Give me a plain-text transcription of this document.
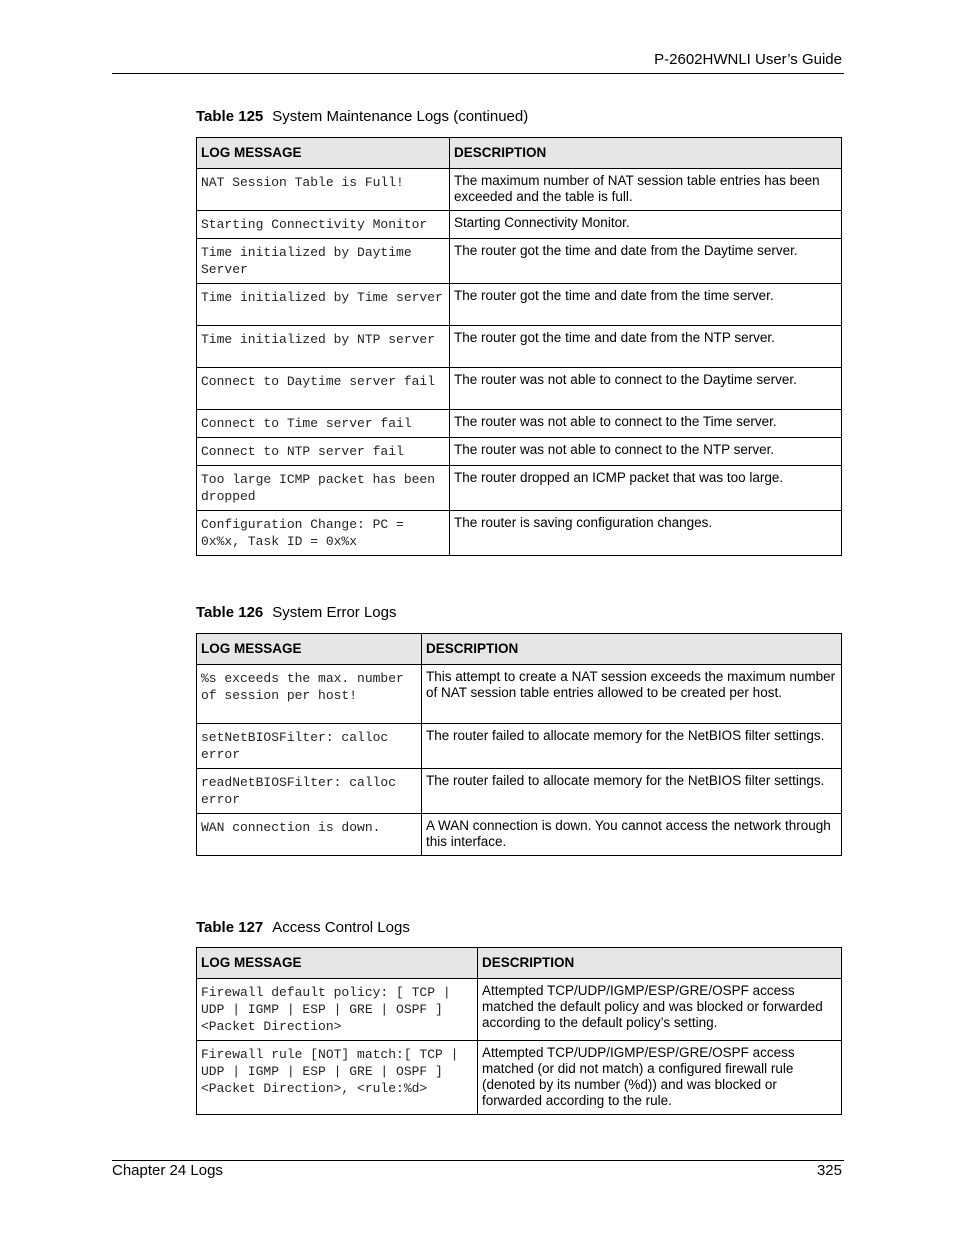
P-2602HWNLI User’s Guide
Table 125 System Maintenance Logs (continued)
LOG MESSAGE	DESCRIPTION
NAT Session Table is Full!	The maximum number of NAT session table entries has been exceeded and the table is full.
Starting Connectivity Monitor	Starting Connectivity Monitor.
Time initialized by Daytime Server	The router got the time and date from the Daytime server.
Time initialized by Time server	The router got the time and date from the time server.
Time initialized by NTP server	The router got the time and date from the NTP server.
Connect to Daytime server fail	The router was not able to connect to the Daytime server.
Connect to Time server fail	The router was not able to connect to the Time server.
Connect to NTP server fail	The router was not able to connect to the NTP server.
Too large ICMP packet has been dropped	The router dropped an ICMP packet that was too large.
Configuration Change: PC = 0x%x, Task ID = 0x%x	The router is saving configuration changes.
Table 126 System Error Logs
LOG MESSAGE	DESCRIPTION
%s exceeds the max. number of session per host!	This attempt to create a NAT session exceeds the maximum number of NAT session table entries allowed to be created per host.
setNetBIOSFilter: calloc error	The router failed to allocate memory for the NetBIOS filter settings.
readNetBIOSFilter: calloc error	The router failed to allocate memory for the NetBIOS filter settings.
WAN connection is down.	A WAN connection is down. You cannot access the network through this interface.
Table 127 Access Control Logs
LOG MESSAGE	DESCRIPTION
Firewall default policy: [ TCP | UDP | IGMP | ESP | GRE | OSPF ] <Packet Direction>	Attempted TCP/UDP/IGMP/ESP/GRE/OSPF access matched the default policy and was blocked or forwarded according to the default policy’s setting.
Firewall rule [NOT] match:[ TCP | UDP | IGMP | ESP | GRE | OSPF ] <Packet Direction>, <rule:%d>	Attempted TCP/UDP/IGMP/ESP/GRE/OSPF access matched (or did not match) a configured firewall rule (denoted by its number (%d)) and was blocked or forwarded according to the rule.
Chapter 24 Logs	325
